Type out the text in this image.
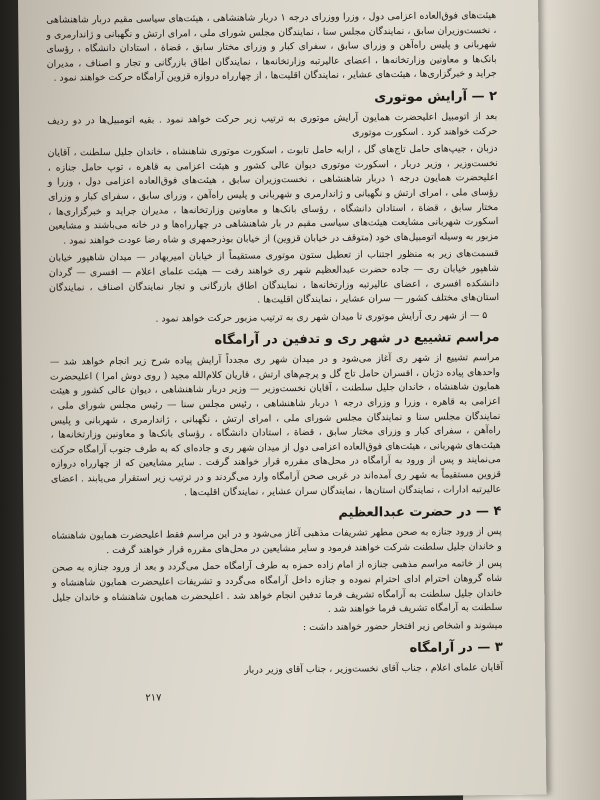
هیئت‌های فوق‌العاده اعزامی دول ، وزرا ووزرای درجه ۱ دربار شاهنشاهی ، هیئت‌های سیاسی مقیم دربار شاهنشاهی ، نخست‌وزیران سابق ، نمایندگان مجلس سنا ، نمایندگان مجلس شورای ملی ، امرای ارتش و نگهبانی و ژاندارمری و شهربانی و پلیس راه‌آهن و وزرای سابق ، سفرای کبار و وزرای مختار سابق ، قضاة ، استادان دانشگاه ، رؤسای بانک‌ها و معاونین وزارتخانه‌ها ، اعضای عالیرتبه وزارتخانه‌ها ، نمایندگان اطاق بازرگانی و تجار و اصناف ، مدیران جراید و خبرگزاری‌ها ، هیئت‌های عشایر ، نمایندگان اقلیت‌ها ، از چهارراه دروازه قزوین آرامگاه حرکت خواهند نمود .

۲ — آرایش موتوری

بعد از اتومبیل اعلیحضرت همایون آرایش موتوری به ترتیب زیر حرکت خواهد نمود . بقیه اتومبیل‌ها در دو ردیف حرکت خواهند کرد . اسکورت موتوری

دزبان ، جیپ‌های حامل تاج‌های گل ، ارابه حامل تابوت ، اسکورت موتوری شاهنشاه ، خاندان جلیل سلطنت ، آقایان نخست‌وزیر ، وزیر دربار ، اسکورت موتوری دیوان عالی کشور و هیئت اعزامی به قاهره ، توپ حامل جنازه ، اعلیحضرت همایون درجه ۱ دربار شاهنشاهی ، نخست‌وزیران سابق ، هیئت‌های فوق‌العاده اعزامی دول ، وزرا و رؤسای ملی ، امرای ارتش و نگهبانی و ژاندارمری و شهربانی و پلیس راه‌آهن ، وزرای سابق ، سفرای کبار و وزرای مختار سابق ، قضاة ، استادان دانشگاه ، رؤسای بانک‌ها و معاونین وزارتخانه‌ها ، مدیران جراید و خبرگزاری‌ها ، اسکورت شهربانی مشایعت هیئت‌های سیاسی مقیم در بار شاهنشاهی در چهارراه‌ها و در خانه می‌باشند و مشایعین مزبور به وسیله اتومبیل‌های خود (متوقف در خیابان قزوین) از خیابان بوذرجمهری و شاه رضا عودت خواهند نمود .

قسمت‌های زیر به منظور اجتناب از تعطیل ستون موتوری مستقیماً از خیابان امیربهادر — میدان شاهپور خیابان شاهپور خیابان ری — جاده حضرت عبدالعظیم شهر ری خواهند رفت — هیئت علمای اعلام — افسری — گردان دانشکده افسری ، اعضای عالیرتبه وزارتخانه‌ها ، نمایندگان اطاق بازرگانی و تجار نمایندگان اصناف ، نمایندگان استان‌های مختلف کشور — سران عشایر ، نمایندگان اقلیت‌ها .

۵ — از شهر ری آرایش موتوری تا میدان شهر ری به ترتیب مزبور حرکت خواهد نمود .

مراسم تشییع در شهر ری و تدفین در آرامگاه

مراسم تشییع از شهر ری آغاز می‌شود و در میدان شهر ری مجدداً آرایش پیاده شرح زیر انجام خواهد شد — واحدهای پیاده دژبان ، افسران حامل تاج گل و پرچم‌های ارتش ، قاریان کلام‌الله مجید ( روی دوش امرا ) اعلیحضرت همایون شاهنشاه ، خاندان جلیل سلطنت ، آقایان نخست‌وزیر — وزیر دربار شاهنشاهی ، دیوان عالی کشور و هیئت اعزامی به قاهره ، وزرا و وزرای درجه ۱ دربار شاهنشاهی ، رئیس مجلس سنا — رئیس مجلس شورای ملی ، نمایندگان مجلس سنا و نمایندگان مجلس شورای ملی ، امرای ارتش ، نگهبانی ، ژاندارمری ، شهربانی و پلیس راه‌آهن ، سفرای کبار و وزرای مختار سابق ، قضاة ، استادان دانشگاه ، رؤسای بانک‌ها و معاونین وزارتخانه‌ها ، هیئت‌های شهربانی ، هیئت‌های فوق‌العاده اعزامی دول از میدان شهر ری و جاده‌ای که به طرف جنوب آرامگاه حرکت می‌نمایند و پس از ورود به آرامگاه در محل‌های مقرره قرار خواهند گرفت . سایر مشایعین که از چهارراه دروازه قزوین مستقیماً به شهر ری آمده‌اند در غربی صحن آرامگاه وارد می‌گردند و در ترتیب زیر استقرار می‌یابند . اعضای عالیرتبه ادارات ، نمایندگان استان‌ها ، نمایندگان سران عشایر ، نمایندگان اقلیت‌ها .

۴ — در حضرت عبدالعظیم

پس از ورود جنازه به صحن مطهر تشریفات مذهبی آغاز می‌شود و در این مراسم فقط اعلیحضرت همایون شاهنشاه و خاندان جلیل سلطنت شرکت خواهند فرمود و سایر مشایعین در محل‌های مقرره قرار خواهند گرفت .

پس از خاتمه مراسم مذهبی جنازه از امام زاده حمزه به طرف آرامگاه حمل می‌گردد و بعد از ورود جنازه به صحن شاه گروهان احترام ادای احترام نموده و جنازه داخل آرامگاه می‌گردد و تشریفات اعلیحضرت همایون شاهنشاه و خاندان جلیل سلطنت به آرامگاه تشریف فرما تدفین انجام خواهد شد . اعلیحضرت همایون شاهنشاه و خاندان جلیل سلطنت به آرامگاه تشریف فرما خواهند شد .

میشوند و اشخاص زیر افتخار حضور خواهند داشت :

۳ — در آرامگاه

آقایان علمای اعلام ، جناب آقای نخست‌وزیر ، جناب آقای وزیر دربار

۲۱۷
